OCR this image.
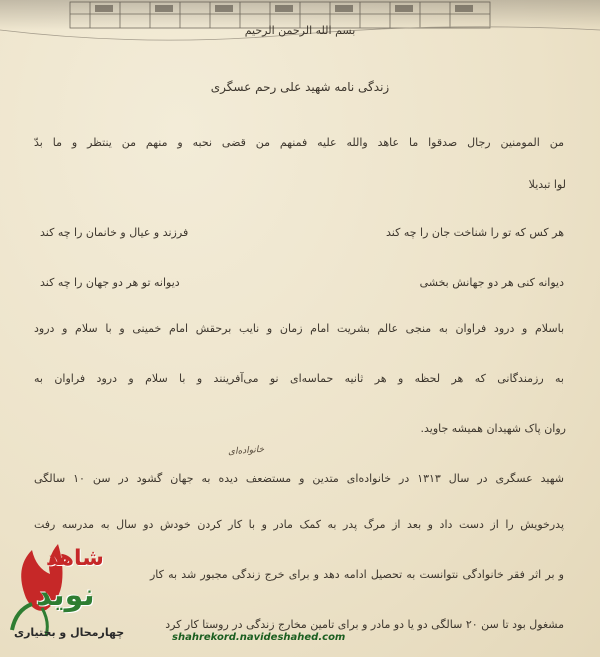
بسم الله الرحمن الرحیم
زندگی نامه شهید علی رحم عسگری
من المومنین رجال صدقوا ما عاهد والله علیه فمنهم من قضی نحبه و منهم من ینتظر و ما بدّ
لوا تبدیلا
هر کس که تو را شناخت جان را چه کند
فرزند و عیال و خانمان را چه کند
دیوانه کنی هر دو جهانش بخشی
دیوانه تو هر دو جهان را چه کند
باسلام و درود فراوان به منجی عالم بشریت امام زمان و نایب برحقش امام خمینی و با سلام و درود
به رزمندگانی که هر لحظه و هر ثانیه حماسه‌ای نو می‌آفرینند و با سلام و درود فراوان به
روان پاک شهیدان همیشه جاوید.
خانواده‌ای
شهید عسگری در سال ۱۳۱۳ در خانواده‌ای متدین و مستضعف دیده به جهان گشود در سن ۱۰ سالگی
پدرخویش را از دست داد و بعد از مرگ پدر به کمک مادر و با کار کردن خودش دو سال به مدرسه رفت
و بر اثر فقر خانوادگی نتوانست به تحصیل ادامه دهد و برای خرج زندگی مجبور شد به کار
مشغول بود تا سن ۲۰ سالگی دو یا دو مادر و برای تامین مخارج زندگی در روستا کار کرد
شاهد
نوید
چهارمحال و بختیاری	shahrekord.navideshahed.com
